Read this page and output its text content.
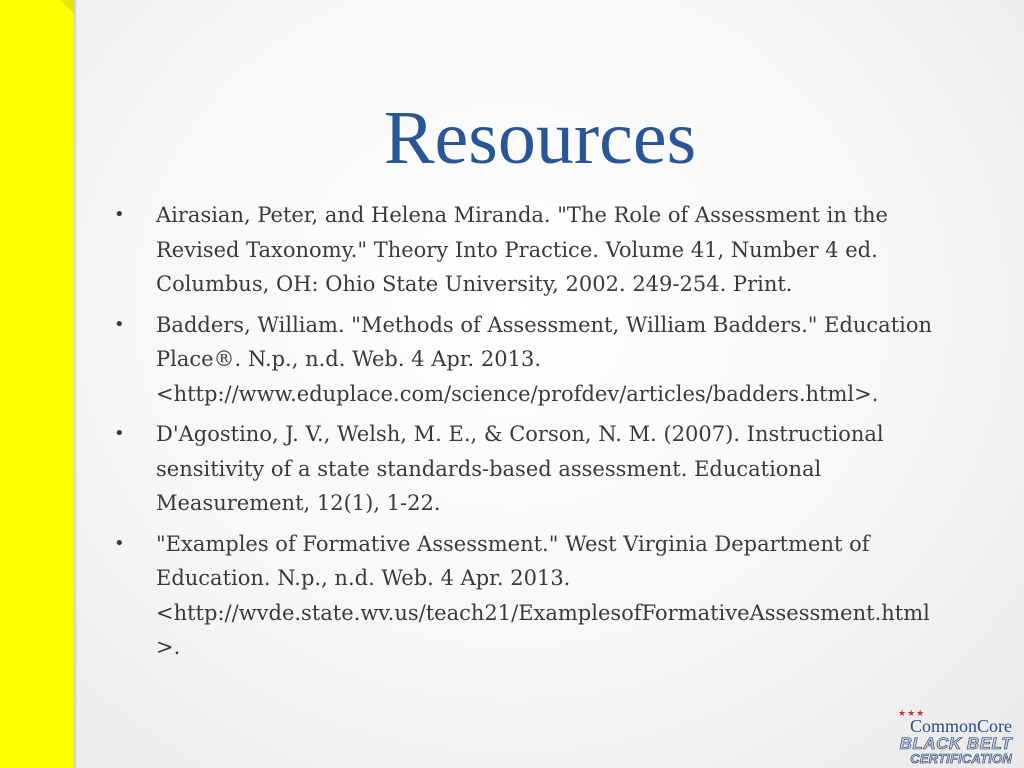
Resources
•	Airasian, Peter, and Helena Miranda. "The Role of Assessment in the Revised Taxonomy." Theory Into Practice. Volume 41, Number 4 ed. Columbus, OH: Ohio State University, 2002. 249-254. Print.
•	Badders, William. "Methods of Assessment, William Badders." Education Place®. N.p., n.d. Web. 4 Apr. 2013. <http://www.eduplace.com/science/profdev/articles/badders.html>.
•	D'Agostino, J. V., Welsh, M. E., & Corson, N. M. (2007). Instructional sensitivity of a state standards-based assessment. Educational Measurement, 12(1), 1-22.
•	"Examples of Formative Assessment." West Virginia Department of Education. N.p., n.d. Web. 4 Apr. 2013. <http://wvde.state.wv.us/teach21/ExamplesofFormativeAssessment.html>.
★★★
CommonCore
BLACK BELT
CERTIFICATION
